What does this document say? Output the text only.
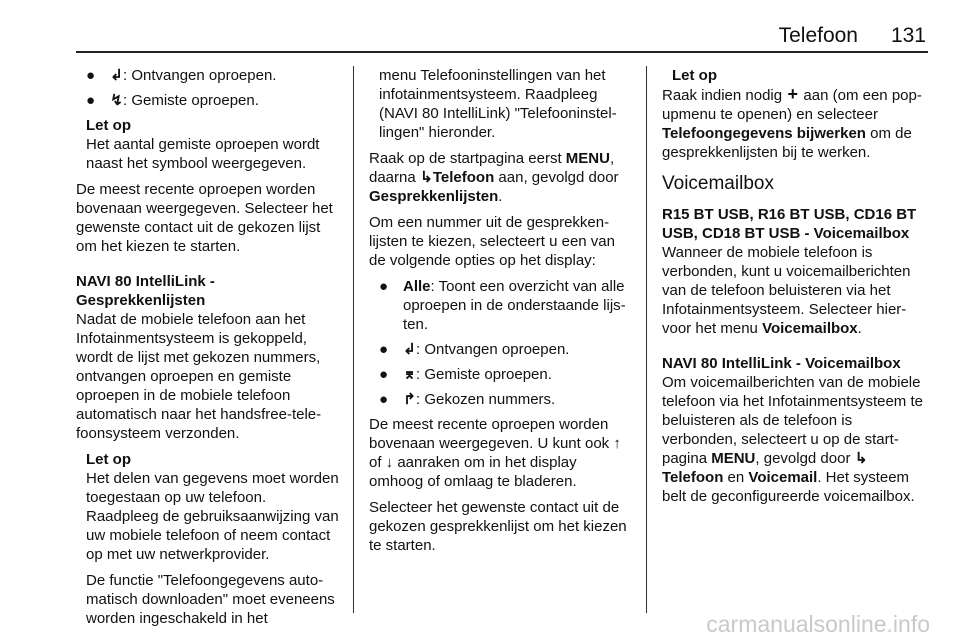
Telefoon 131
● ↲: Ontvangen oproepen.
● ↯: Gemiste oproepen.
Let op

Het aantal gemiste oproepen wordt naast het symbool weergegeven.

De meest recente oproepen worden bovenaan weergegeven. Selecteer het gewenste contact uit de gekozen lijst om het kiezen te starten.

NAVI 80 IntelliLink - Gesprekkenlijsten

Nadat de mobiele telefoon aan het Infotainmentsysteem is gekoppeld, wordt de lijst met gekozen nummers, ontvangen oproepen en gemiste oproepen in de mobiele telefoon automatisch naar het handsfree-telefoonsysteem verzonden.

Let op

Het delen van gegevens moet worden toegestaan op uw telefoon. Raadpleeg de gebruiksaanwijzing van uw mobiele telefoon of neem contact op met uw netwerkprovider.

De functie "Telefoongegevens automatisch downloaden" moet eveneens worden ingeschakeld in het

menu Telefooninstellingen van het infotainmentsysteem. Raadpleeg (NAVI 80 IntelliLink) "Telefooninstellingen" hieronder.

Raak op de startpagina eerst MENU, daarna ↳Telefoon aan, gevolgd door Gesprekkenlijsten.

Om een nummer uit de gesprekkenlijsten te kiezen, selecteert u een van de volgende opties op het display:

● Alle: Toont een overzicht van alle oproepen in de onderstaande lijsten.
● ↲: Ontvangen oproepen.
● ⌆: Gemiste oproepen.
● ↱: Gekozen nummers.

De meest recente oproepen worden bovenaan weergegeven. U kunt ook ↑ of ↓ aanraken om in het display omhoog of omlaag te bladeren.

Selecteer het gewenste contact uit de gekozen gesprekkenlijst om het kiezen te starten.

Let op

Raak indien nodig + aan (om een pop-upmenu te openen) en selecteer Telefoongegevens bijwerken om de gesprekkenlijsten bij te werken.

Voicemailbox
R15 BT USB, R16 BT USB, CD16 BT USB, CD18 BT USB - Voicemailbox

Wanneer de mobiele telefoon is verbonden, kunt u voicemailberichten van de telefoon beluisteren via het Infotainmentsysteem. Selecteer hiervoor het menu Voicemailbox.

NAVI 80 IntelliLink - Voicemailbox

Om voicemailberichten van de mobiele telefoon via het Infotainmentsysteem te beluisteren als de telefoon is verbonden, selecteert u op de startpagina MENU, gevolgd door ↳Telefoon en Voicemail. Het systeem belt de geconfigureerde voicemailbox.

carmanualsonline.info
